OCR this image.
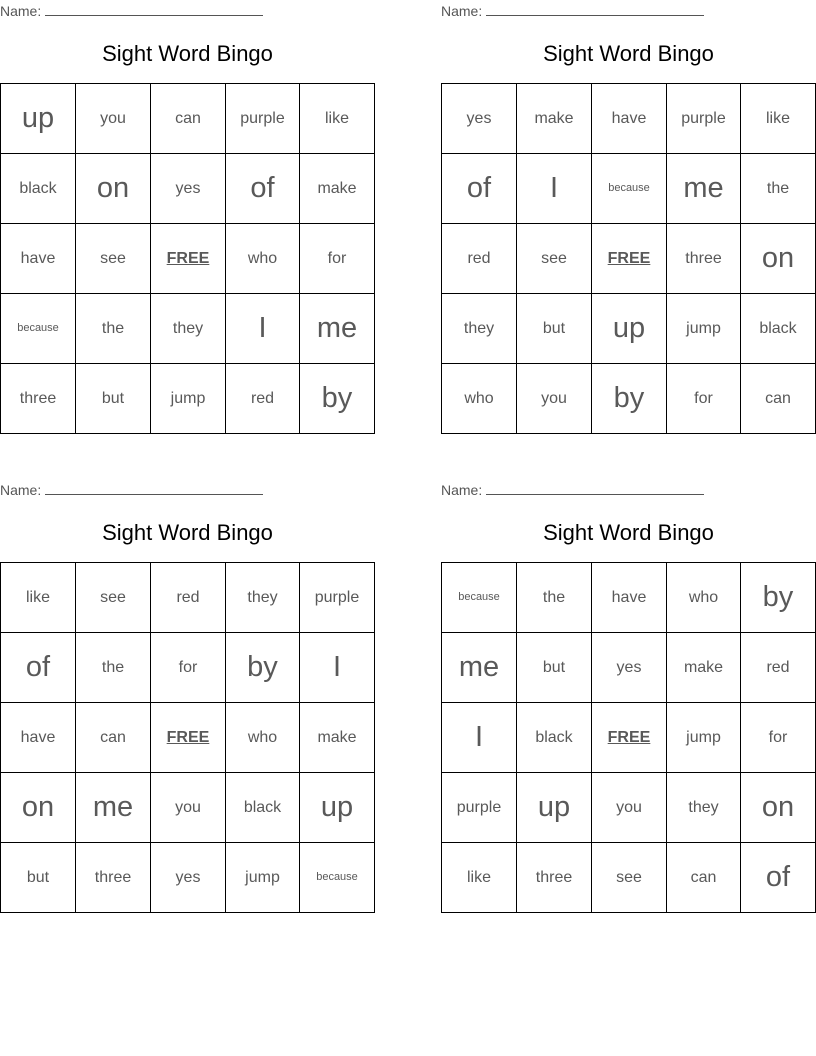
Name:
Sight Word Bingo
up	you	can	purple	like
black	on	yes	of	make
have	see	FREE	who	for
because	the	they	I	me
three	but	jump	red	by
Name:
Sight Word Bingo
yes	make	have	purple	like
of	I	because	me	the
red	see	FREE	three	on
they	but	up	jump	black
who	you	by	for	can
Name:
Sight Word Bingo
like	see	red	they	purple
of	the	for	by	I
have	can	FREE	who	make
on	me	you	black	up
but	three	yes	jump	because
Name:
Sight Word Bingo
because	the	have	who	by
me	but	yes	make	red
I	black	FREE	jump	for
purple	up	you	they	on
like	three	see	can	of
